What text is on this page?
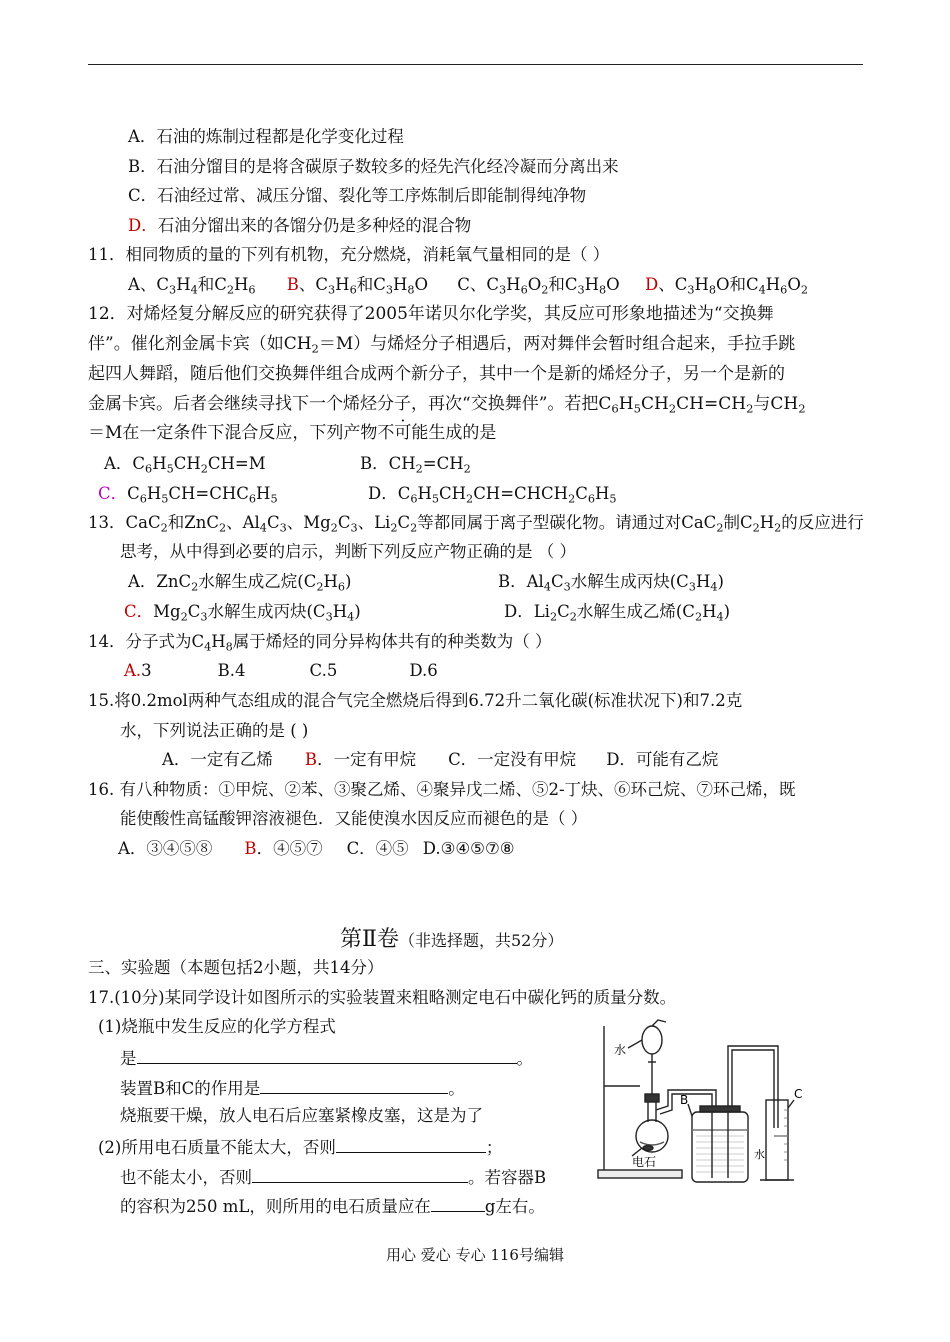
A．石油的炼制过程都是化学变化过程
B．石油分馏目的是将含碳原子数较多的烃先汽化经冷凝而分离出来
C．石油经过常、减压分馏、裂化等工序炼制后即能制得纯净物
D．石油分馏出来的各馏分仍是多种烃的混合物
11．相同物质的量的下列有机物，充分燃烧，消耗氧气量相同的是（ ）
A、$C_3H_4$和$C_2H_6$ B、$C_3H_6$和$C_3H_8O$ C、$C_3H_6O_2$和$C_3H_8O$ D、$C_3H_8O$和$C_4H_6O_2$
12．对烯烃复分解反应的研究获得了2005年诺贝尔化学奖，其反应可形象地描述为“交换舞
伴”。催化剂金属卡宾（如$CH_2=M$）与烯烃分子相遇后，两对舞伴会暂时组合起来，手拉手跳
起四人舞蹈，随后他们交换舞伴组合成两个新分子，其中一个是新的烯烃分子，另一个是新的
金属卡宾。后者会继续寻找下一个烯烃分子，再次“交换舞伴”。若把$C_6H_5CH_2CH=CH_2$与$CH_2$
＝M在一定条件下混合反应，下列产物不可能生成的是
A．$C_6H_5CH_2CH=M$	B．$CH_2=CH_2$
C．$C_6H_5CH=CHC_6H_5$	D．$C_6H_5CH_2CH=CHCH_2C_6H_5$
13．CaC$_2$和ZnC$_2$、$Al_4C_3$、$Mg_2C_3$、$Li_2C_2$等都同属于离子型碳化物。请通过对CaC$_2$制$C_2H_2$的反应进行
思考，从中得到必要的启示，判断下列反应产物正确的是 （ ）
A．ZnC$_2$水解生成乙烷$(C_2H_6)$	B．$Al_4C_3$水解生成丙炔$(C_3H_4)$
C．$Mg_2C_3$水解生成丙炔$(C_3H_4)$	D．$Li_2C_2$水解生成乙烯$(C_2H_4)$
14．分子式为$C_4H_8$属于烯烃的同分异构体共有的种类数为（ ）
A.3	B.4	C.5	D.6
15.将0.2mol两种气态组成的混合气完全燃烧后得到6.72升二氧化碳(标准状况下)和7.2克
水，下列说法正确的是 ( )
A．一定有乙烯 B．一定有甲烷 C．一定没有甲烷 D．可能有乙烷
16. 有八种物质：①甲烷、②苯、③聚乙烯、④聚异戊二烯、⑤2-丁炔、⑥环己烷、⑦环己烯，既
能使酸性高锰酸钾溶液褪色．又能使溴水因反应而褪色的是（ ）
A．③④⑤⑧ B．④⑤⑦ C．④⑤ D.③④⑤⑦⑧
第Ⅱ卷（非选择题，共52分）
三、实验题（本题包括2小题，共14分）
17.(10分)某同学设计如图所示的实验装置来粗略测定电石中碳化钙的质量分数。
(1)烧瓶中发生反应的化学方程式
是	。
装置B和C的作用是	。
烧瓶要干燥，放人电石后应塞紧橡皮塞，这是为了
(2)所用电石质量不能太大，否则	；
也不能太小，否则	。若容器B
的容积为250 mL，则所用的电石质量应在	g左右。
水
电石
B	C
水
用心 爱心 专心 116号编辑
